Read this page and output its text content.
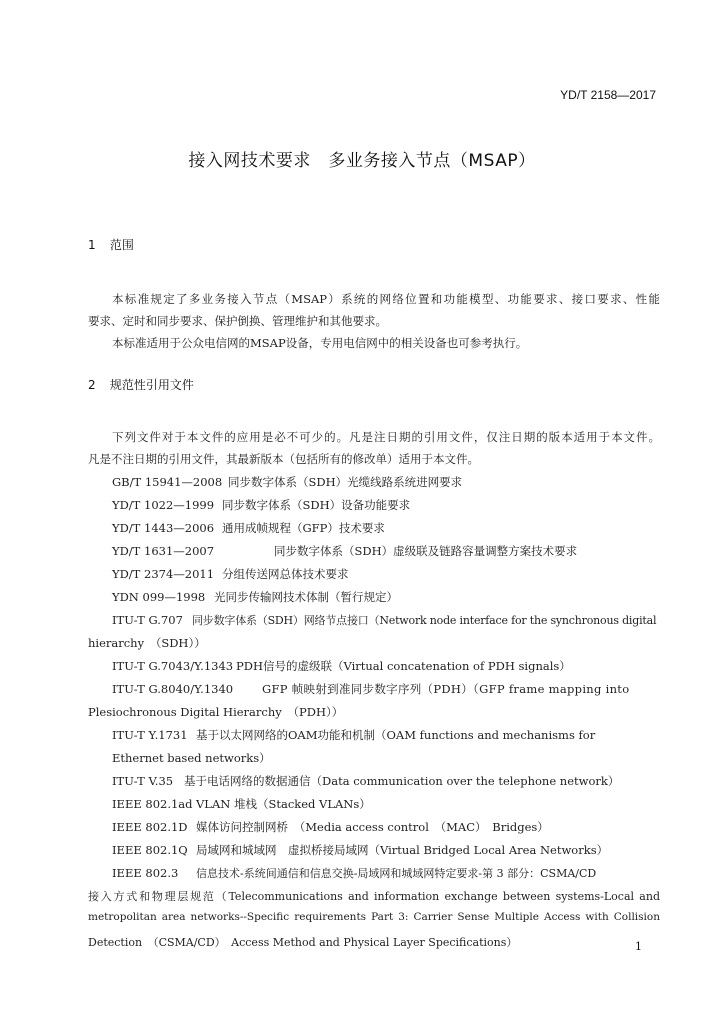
YD/T 2158—2017
接入网技术要求　多业务接入节点（MSAP）
1 范围
本标准规定了多业务接入节点（MSAP）系统的网络位置和功能模型、功能要求、接口要求、性能
要求、定时和同步要求、保护倒换、管理维护和其他要求。
本标准适用于公众电信网的MSAP设备，专用电信网中的相关设备也可参考执行。
2 规范性引用文件
下列文件对于本文件的应用是必不可少的。凡是注日期的引用文件，仅注日期的版本适用于本文件。
凡是不注日期的引用文件，其最新版本（包括所有的修改单）适用于本文件。
GB/T 15941—2008 同步数字体系（SDH）光缆线路系统进网要求
YD/T 1022—1999 同步数字体系（SDH）设备功能要求
YD/T 1443—2006 通用成帧规程（GFP）技术要求
YD/T 1631—2007	同步数字体系（SDH）虚级联及链路容量调整方案技术要求
YD/T 2374—2011 分组传送网总体技术要求
YDN 099—1998 光同步传输网技术体制（暂行规定）
ITU-T G.707 同步数字体系（SDH）网络节点接口（Network node interface for the synchronous digital
hierarchy　（SDH））
ITU-T G.7043/Y.1343 PDH信号的虚级联（Virtual concatenation of PDH signals）
ITU-T G.8040/Y.1340	GFP 帧映射到准同步数字序列（PDH）（GFP frame mapping into
Plesiochronous Digital Hierarchy　（PDH））
ITU-T Y.1731 基于以太网网络的OAM功能和机制（OAM functions and mechanisms for
Ethernet based networks）
ITU-T V.35 基于电话网络的数据通信（Data communication over the telephone network）
IEEE 802.1ad VLAN 堆栈（Stacked VLANs）
IEEE 802.1D 媒体访问控制网桥　（Media access control　（MAC）　Bridges）
IEEE 802.1Q 局域网和城域网　虚拟桥接局域网（Virtual Bridged Local Area Networks）
IEEE 802.3 信息技术-系统间通信和信息交换-局域网和城域网特定要求-第 3 部分：CSMA/CD
接入方式和物理层规范（Telecommunications and information exchange between systems-Local and
metropolitan area networks--Specific requirements Part 3: Carrier Sense Multiple Access with Collision
Detection　（CSMA/CD）　Access Method and Physical Layer Specifications）	1
